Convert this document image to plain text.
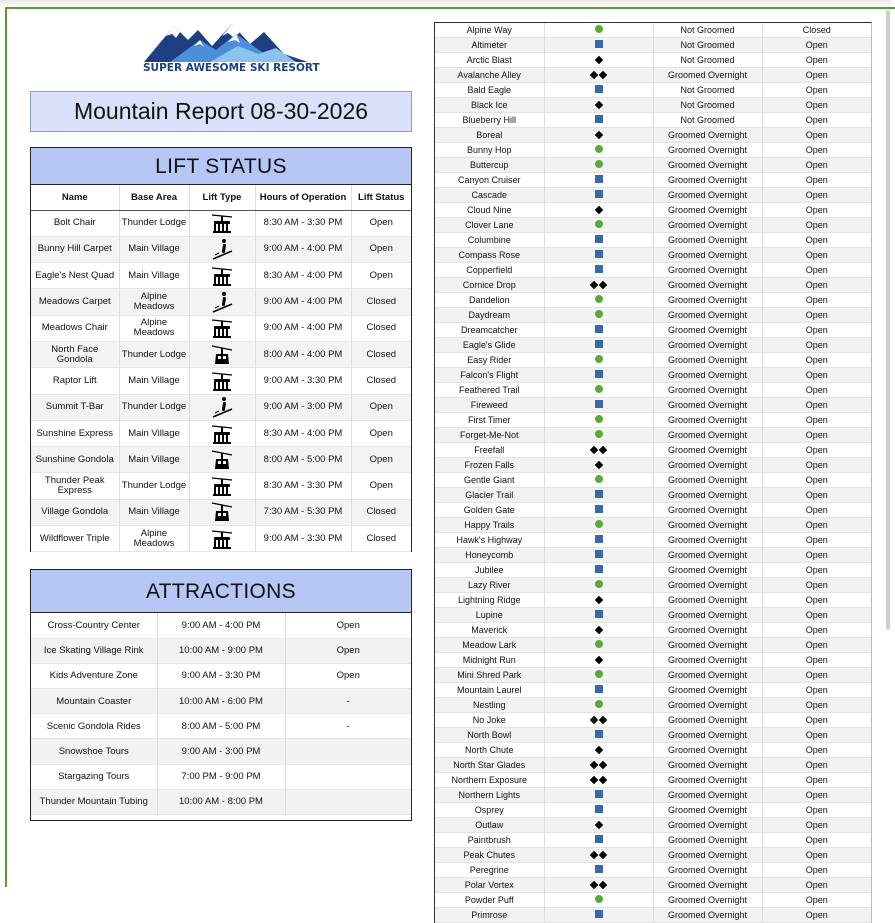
SUPER AWESOME SKI RESORT
Mountain Report 08-30-2026
LIFT STATUS
Name	Base Area	Lift Type	Hours of Operation	Lift Status
Bolt Chair	Thunder Lodge		8:30 AM - 3:30 PM	Open
Bunny Hill Carpet	Main Village		9:00 AM - 4:00 PM	Open
Eagle's Nest Quad	Main Village		8:30 AM - 4:00 PM	Open
Meadows Carpet	Alpine Meadows		9:00 AM - 4:00 PM	Closed
Meadows Chair	Alpine Meadows		9:00 AM - 4:00 PM	Closed
North Face Gondola	Thunder Lodge		8:00 AM - 4:00 PM	Closed
Raptor Lift	Main Village		9:00 AM - 3:30 PM	Closed
Summit T-Bar	Thunder Lodge		9:00 AM - 3:00 PM	Open
Sunshine Express	Main Village		8:30 AM - 4:00 PM	Open
Sunshine Gondola	Main Village		8:00 AM - 5:00 PM	Open
Thunder Peak Express	Thunder Lodge		8:30 AM - 3:30 PM	Open
Village Gondola	Main Village		7:30 AM - 5:30 PM	Closed
Wildflower Triple	Alpine Meadows		9:00 AM - 3:30 PM	Closed
ATTRACTIONS
Cross-Country Center	9:00 AM - 4:00 PM	Open
Ice Skating Village Rink	10:00 AM - 9:00 PM	Open
Kids Adventure Zone	9:00 AM - 3:30 PM	Open
Mountain Coaster	10:00 AM - 6:00 PM	-
Scenic Gondola Rides	8:00 AM - 5:00 PM	-
Snowshoe Tours	9:00 AM - 3:00 PM	
Stargazing Tours	7:00 PM - 9:00 PM	
Thunder Mountain Tubing	10:00 AM - 8:00 PM	
Alpine Way		Not Groomed	Closed
Altimeter		Not Groomed	Open
Arctic Blast		Not Groomed	Open
Avalanche Alley		Groomed Overnight	Open
Bald Eagle		Not Groomed	Open
Black Ice		Not Groomed	Open
Blueberry Hill		Not Groomed	Open
Boreal		Groomed Overnight	Open
Bunny Hop		Groomed Overnight	Open
Buttercup		Groomed Overnight	Open
Canyon Cruiser		Groomed Overnight	Open
Cascade		Groomed Overnight	Open
Cloud Nine		Groomed Overnight	Open
Clover Lane		Groomed Overnight	Open
Columbine		Groomed Overnight	Open
Compass Rose		Groomed Overnight	Open
Copperfield		Groomed Overnight	Open
Cornice Drop		Groomed Overnight	Open
Dandelion		Groomed Overnight	Open
Daydream		Groomed Overnight	Open
Dreamcatcher		Groomed Overnight	Open
Eagle's Glide		Groomed Overnight	Open
Easy Rider		Groomed Overnight	Open
Falcon's Flight		Groomed Overnight	Open
Feathered Trail		Groomed Overnight	Open
Fireweed		Groomed Overnight	Open
First Timer		Groomed Overnight	Open
Forget-Me-Not		Groomed Overnight	Open
Freefall		Groomed Overnight	Open
Frozen Falls		Groomed Overnight	Open
Gentle Giant		Groomed Overnight	Open
Glacier Trail		Groomed Overnight	Open
Golden Gate		Groomed Overnight	Open
Happy Trails		Groomed Overnight	Open
Hawk's Highway		Groomed Overnight	Open
Honeycomb		Groomed Overnight	Open
Jubilee		Groomed Overnight	Open
Lazy River		Groomed Overnight	Open
Lightning Ridge		Groomed Overnight	Open
Lupine		Groomed Overnight	Open
Maverick		Groomed Overnight	Open
Meadow Lark		Groomed Overnight	Open
Midnight Run		Groomed Overnight	Open
Mini Shred Park		Groomed Overnight	Open
Mountain Laurel		Groomed Overnight	Open
Nestling		Groomed Overnight	Open
No Joke		Groomed Overnight	Open
North Bowl		Groomed Overnight	Open
North Chute		Groomed Overnight	Open
North Star Glades		Groomed Overnight	Open
Northern Exposure		Groomed Overnight	Open
Northern Lights		Groomed Overnight	Open
Osprey		Groomed Overnight	Open
Outlaw		Groomed Overnight	Open
Paintbrush		Groomed Overnight	Open
Peak Chutes		Groomed Overnight	Open
Peregrine		Groomed Overnight	Open
Polar Vortex		Groomed Overnight	Open
Powder Puff		Groomed Overnight	Open
Primrose		Groomed Overnight	Open
